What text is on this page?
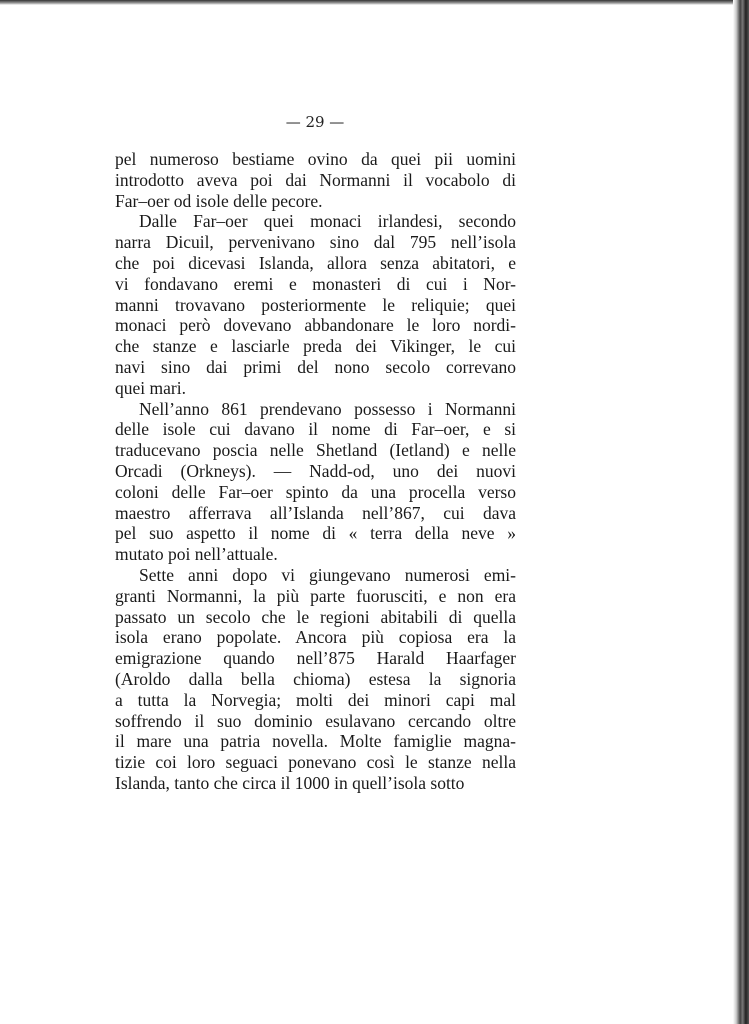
— 29 —
pel numeroso bestiame ovino da quei pii uomini
introdotto aveva poi dai Normanni il vocabolo di
Far–oer od isole delle pecore.
Dalle Far–oer quei monaci irlandesi, secondo
narra Dicuil, pervenivano sino dal 795 nell’isola
che poi dicevasi Islanda, allora senza abitatori, e
vi fondavano eremi e monasteri di cui i Nor-
manni trovavano posteriormente le reliquie; quei
monaci però dovevano abbandonare le loro nordi-
che stanze e lasciarle preda dei Vikinger, le cui
navi sino dai primi del nono secolo correvano
quei mari.
Nell’anno 861 prendevano possesso i Normanni
delle isole cui davano il nome di Far–oer, e si
traducevano poscia nelle Shetland (Ietland) e nelle
Orcadi (Orkneys). — Nadd-od, uno dei nuovi
coloni delle Far–oer spinto da una procella verso
maestro afferrava all’Islanda nell’867, cui dava
pel suo aspetto il nome di « terra della neve »
mutato poi nell’attuale.
Sette anni dopo vi giungevano numerosi emi-
granti Normanni, la più parte fuorusciti, e non era
passato un secolo che le regioni abitabili di quella
isola erano popolate. Ancora più copiosa era la
emigrazione quando nell’875 Harald Haarfager
(Aroldo dalla bella chioma) estesa la signoria
a tutta la Norvegia; molti dei minori capi mal
soffrendo il suo dominio esulavano cercando oltre
il mare una patria novella. Molte famiglie magna-
tizie coi loro seguaci ponevano così le stanze nella
Islanda, tanto che circa il 1000 in quell’isola sotto
